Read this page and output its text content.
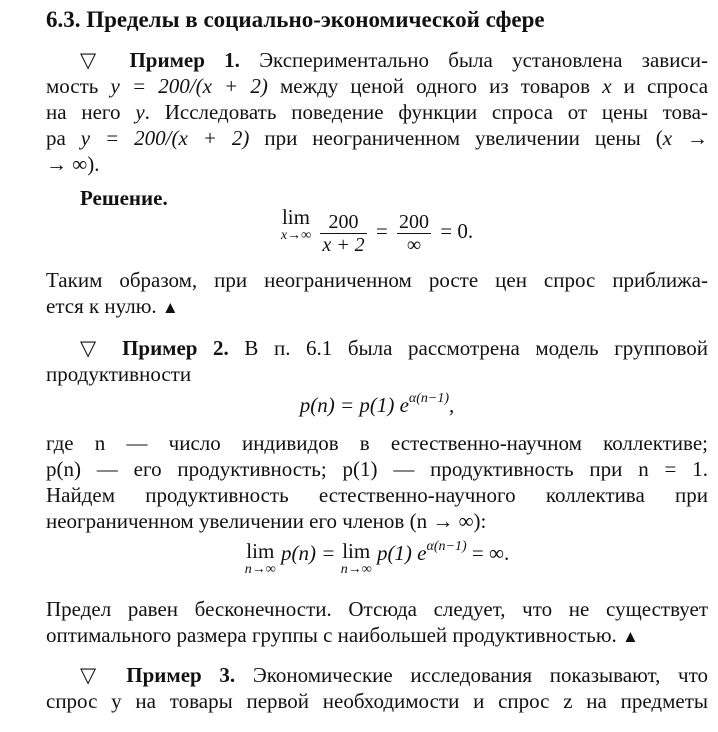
6.3. Пределы в социально-экономической сфере
▽ Пример 1. Экспериментально была установлена зависи-
мость y = 200/(x + 2) между ценой одного из товаров x и спроса
на него y. Исследовать поведение функции спроса от цены това-
ра y = 200/(x + 2) при неограниченном увеличении цены (x →
→ ∞).
Решение.
lim
x→∞
$\frac{200}{x + 2} = \frac{200}{\infty} = 0$.
Таким образом, при неограниченном росте цен спрос приближа-
ется к нулю. ▲
▽ Пример 2. В п. 6.1 была рассмотрена модель групповой
продуктивности
p(n) = p(1) $e^{\alpha(n-1)}$,
где n — число индивидов в естественно-научном коллективе;
p(n) — его продуктивность; p(1) — продуктивность при n = 1.
Найдем продуктивность естественно-научного коллектива при
неограниченном увеличении его членов (n → ∞):
lim
n→∞
p(n) = lim
n→∞
p(1) $e^{\alpha(n-1)}$ = ∞.
Предел равен бесконечности. Отсюда следует, что не существует
оптимального размера группы с наибольшей продуктивностью. ▲
▽ Пример 3. Экономические исследования показывают, что
спрос y на товары первой необходимости и спрос z на предметы
